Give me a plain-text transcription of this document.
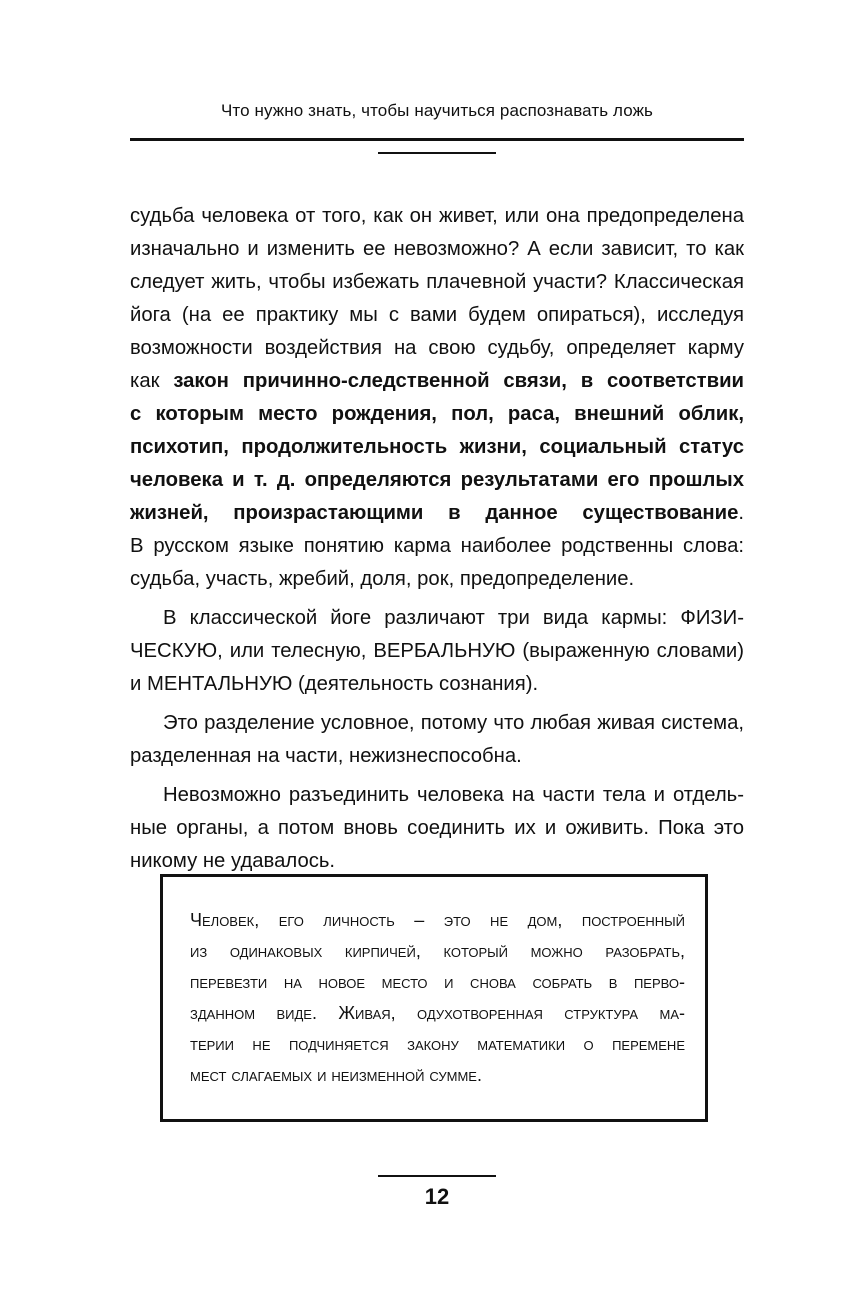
Что нужно знать, чтобы научиться распознавать ложь

судьба человека от того, как он живет, или она предопределена
изначально и изменить ее невозможно? А если зависит, то как
следует жить, чтобы избежать плачевной участи? Классическая
йога (на ее практику мы с вами будем опираться), исследуя
возможности воздействия на свою судьбу, определяет карму
как закон причинно-следственной связи, в соответствии
с которым место рождения, пол, раса, внешний облик,
психотип, продолжительность жизни, социальный статус
человека и т. д. определяются результатами его прошлых
жизней, произрастающими в данное существование.
В русском языке понятию карма наиболее родственны слова:
судьба, участь, жребий, доля, рок, предопределение.

В классической йоге различают три вида кармы: ФИЗИ-
ЧЕСКУЮ, или телесную, ВЕРБАЛЬНУЮ (выраженную словами)
и МЕНТАЛЬНУЮ (деятельность сознания).

Это разделение условное, потому что любая живая система,
разделенная на части, нежизнеспособна.

Невозможно разъединить человека на части тела и отдель-
ные органы, а потом вновь соединить их и оживить. Пока это
никому не удавалось.

Человек, его личность – это не дом, построенный
из одинаковых кирпичей, который можно разобрать,
перевезти на новое место и снова собрать в перво-
зданном виде. Живая, одухотворенная структура ма-
терии не подчиняется закону математики о перемене
мест слагаемых и неизменной сумме.
12
